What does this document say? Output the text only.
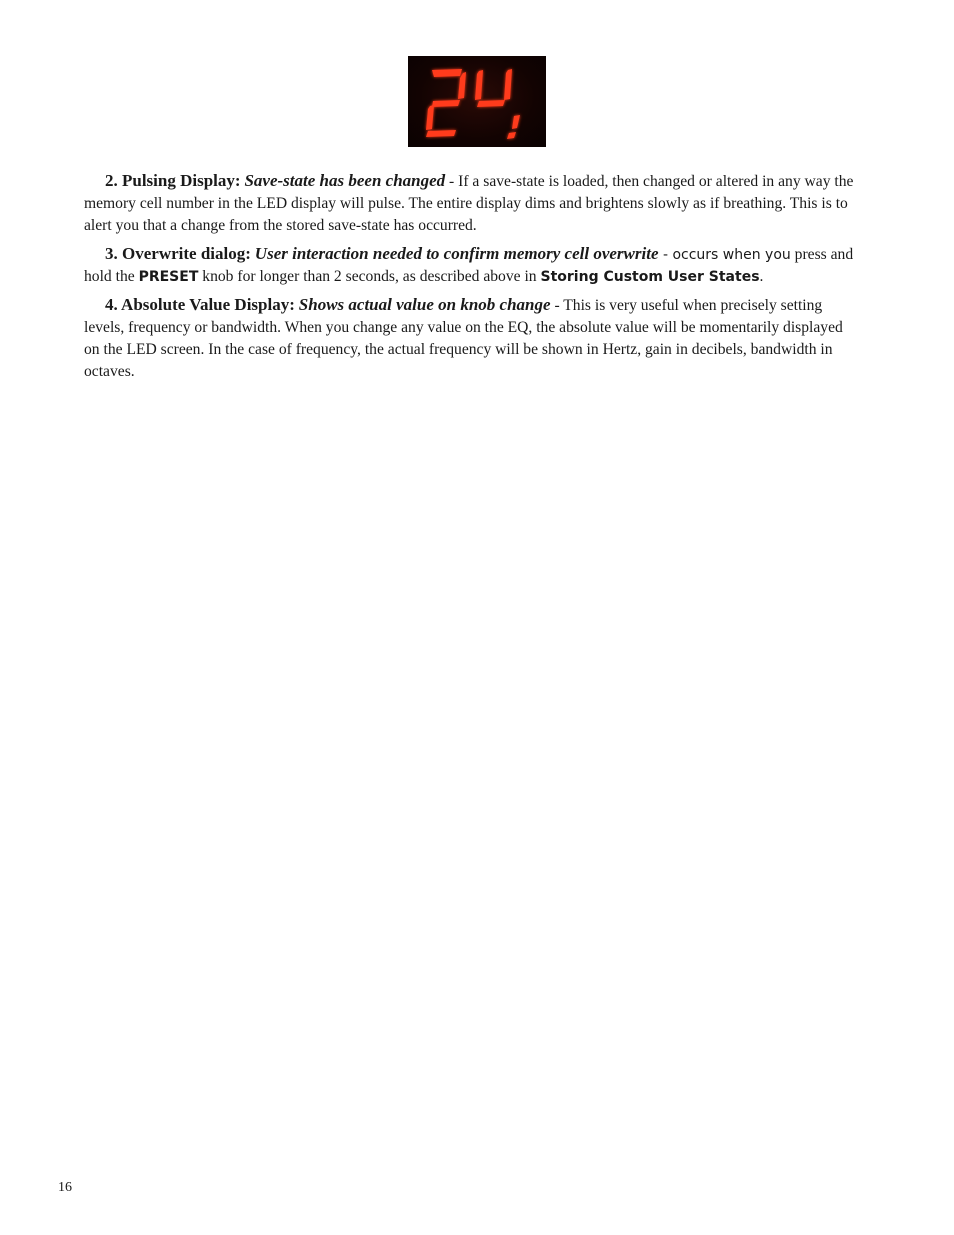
2. Pulsing Display: Save-state has been changed - If a save-state is loaded, then changed or altered in any way the memory cell number in the LED display will pulse. The entire display dims and brightens slowly as if breathing. This is to alert you that a change from the stored save-state has occurred.

3. Overwrite dialog: User interaction needed to confirm memory cell overwrite - occurs when you press and hold the PRESET knob for longer than 2 seconds, as described above in Storing Custom User States.

4. Absolute Value Display: Shows actual value on knob change - This is very useful when precisely setting levels, frequency or bandwidth. When you change any value on the EQ, the absolute value will be momentarily displayed on the LED screen. In the case of frequency, the actual frequency will be shown in Hertz, gain in decibels, bandwidth in octaves.

16
